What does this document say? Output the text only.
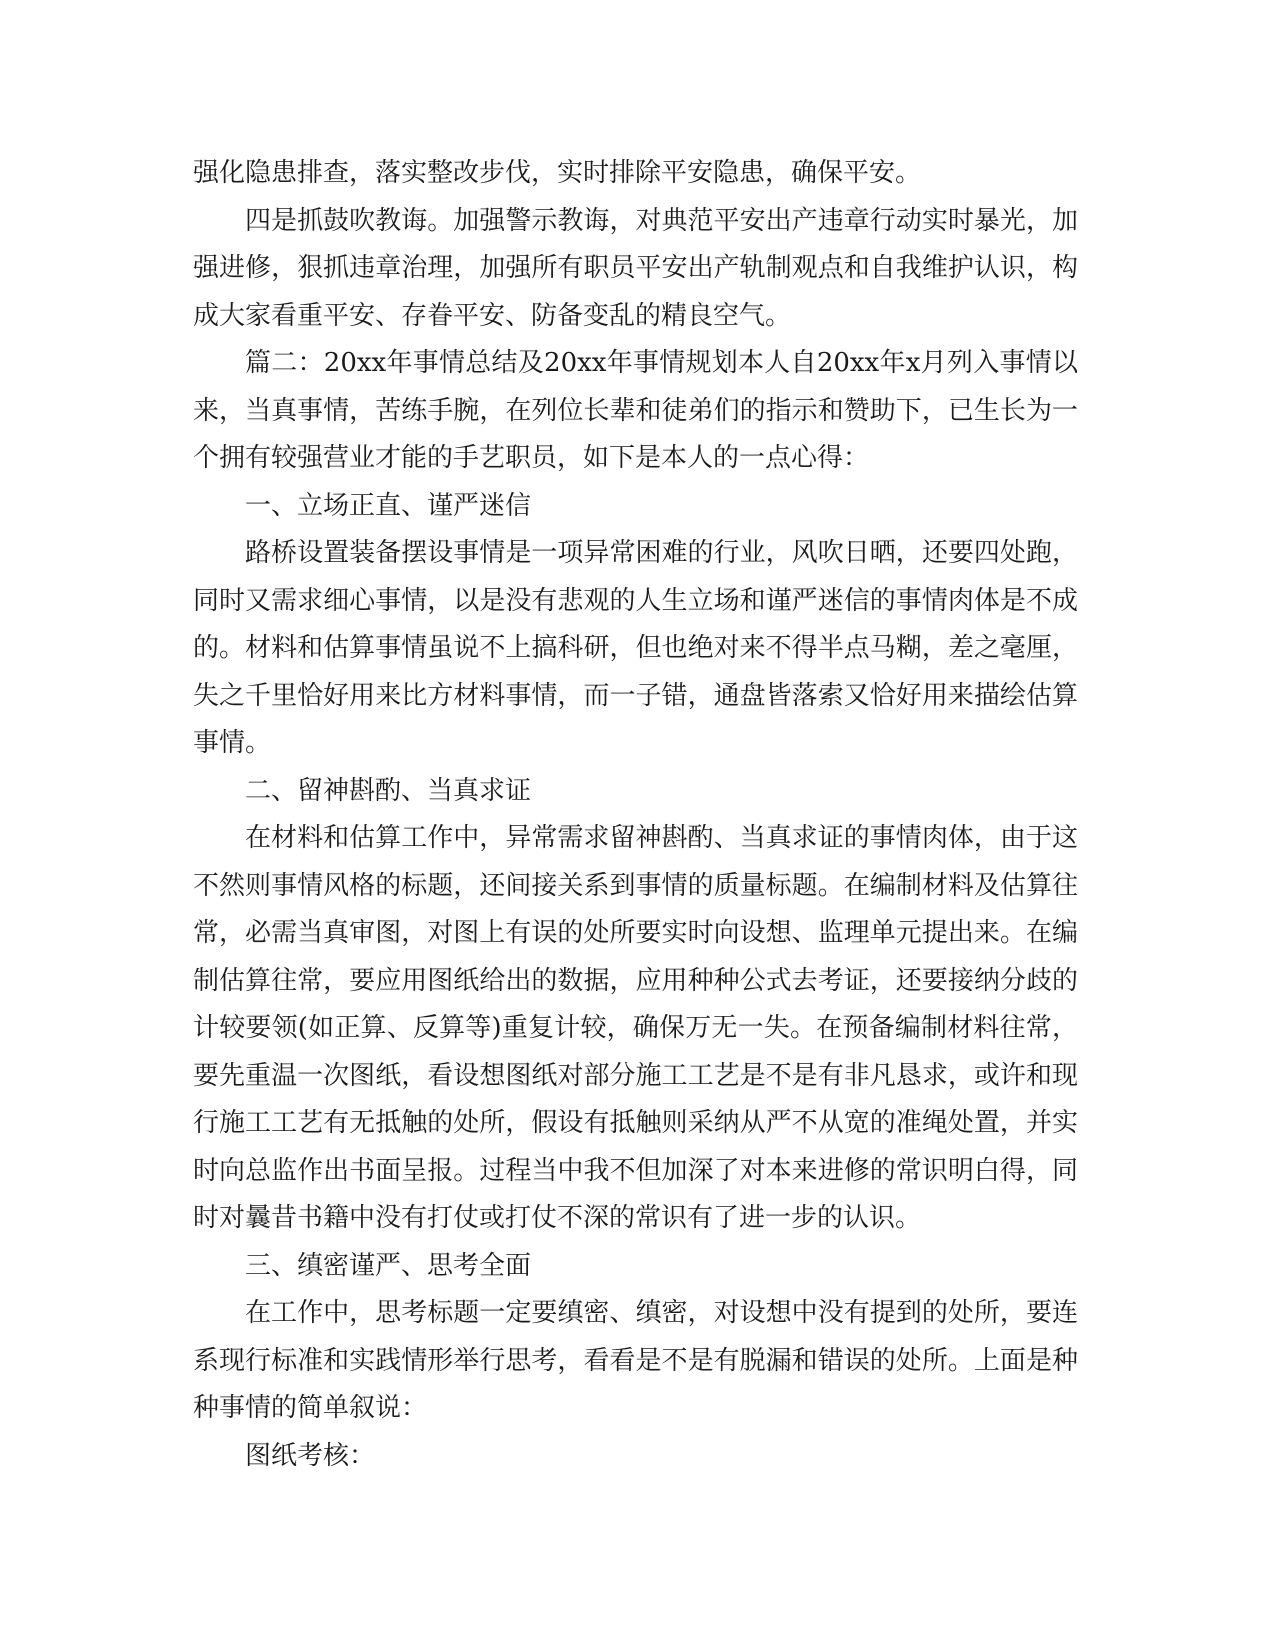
强化隐患排查，落实整改步伐，实时排除平安隐患，确保平安。

四是抓鼓吹教诲。加强警示教诲，对典范平安出产违章行动实时暴光，加强进修，狠抓违章治理，加强所有职员平安出产轨制观点和自我维护认识，构成大家看重平安、存眷平安、防备变乱的精良空气。

篇二：20xx年事情总结及20xx年事情规划本人自20xx年x月列入事情以来，当真事情，苦练手腕，在列位长辈和徒弟们的指示和赞助下，已生长为一个拥有较强营业才能的手艺职员，如下是本人的一点心得：

一、立场正直、谨严迷信

路桥设置装备摆设事情是一项异常困难的行业，风吹日晒，还要四处跑，同时又需求细心事情，以是没有悲观的人生立场和谨严迷信的事情肉体是不成的。材料和估算事情虽说不上搞科研，但也绝对来不得半点马糊，差之毫厘，失之千里恰好用来比方材料事情，而一子错，通盘皆落索又恰好用来描绘估算事情。

二、留神斟酌、当真求证

在材料和估算工作中，异常需求留神斟酌、当真求证的事情肉体，由于这不然则事情风格的标题，还间接关系到事情的质量标题。在编制材料及估算往常，必需当真审图，对图上有误的处所要实时向设想、监理单元提出来。在编制估算往常，要应用图纸给出的数据，应用种种公式去考证，还要接纳分歧的计较要领(如正算、反算等)重复计较，确保万无一失。在预备编制材料往常，要先重温一次图纸，看设想图纸对部分施工工艺是不是有非凡恳求，或许和现行施工工艺有无抵触的处所，假设有抵触则采纳从严不从宽的准绳处置，并实时向总监作出书面呈报。过程当中我不但加深了对本来进修的常识明白得，同时对曩昔书籍中没有打仗或打仗不深的常识有了进一步的认识。

三、缜密谨严、思考全面

在工作中，思考标题一定要缜密、缜密，对设想中没有提到的处所，要连系现行标准和实践情形举行思考，看看是不是有脱漏和错误的处所。上面是种种事情的简单叙说：

图纸考核：
